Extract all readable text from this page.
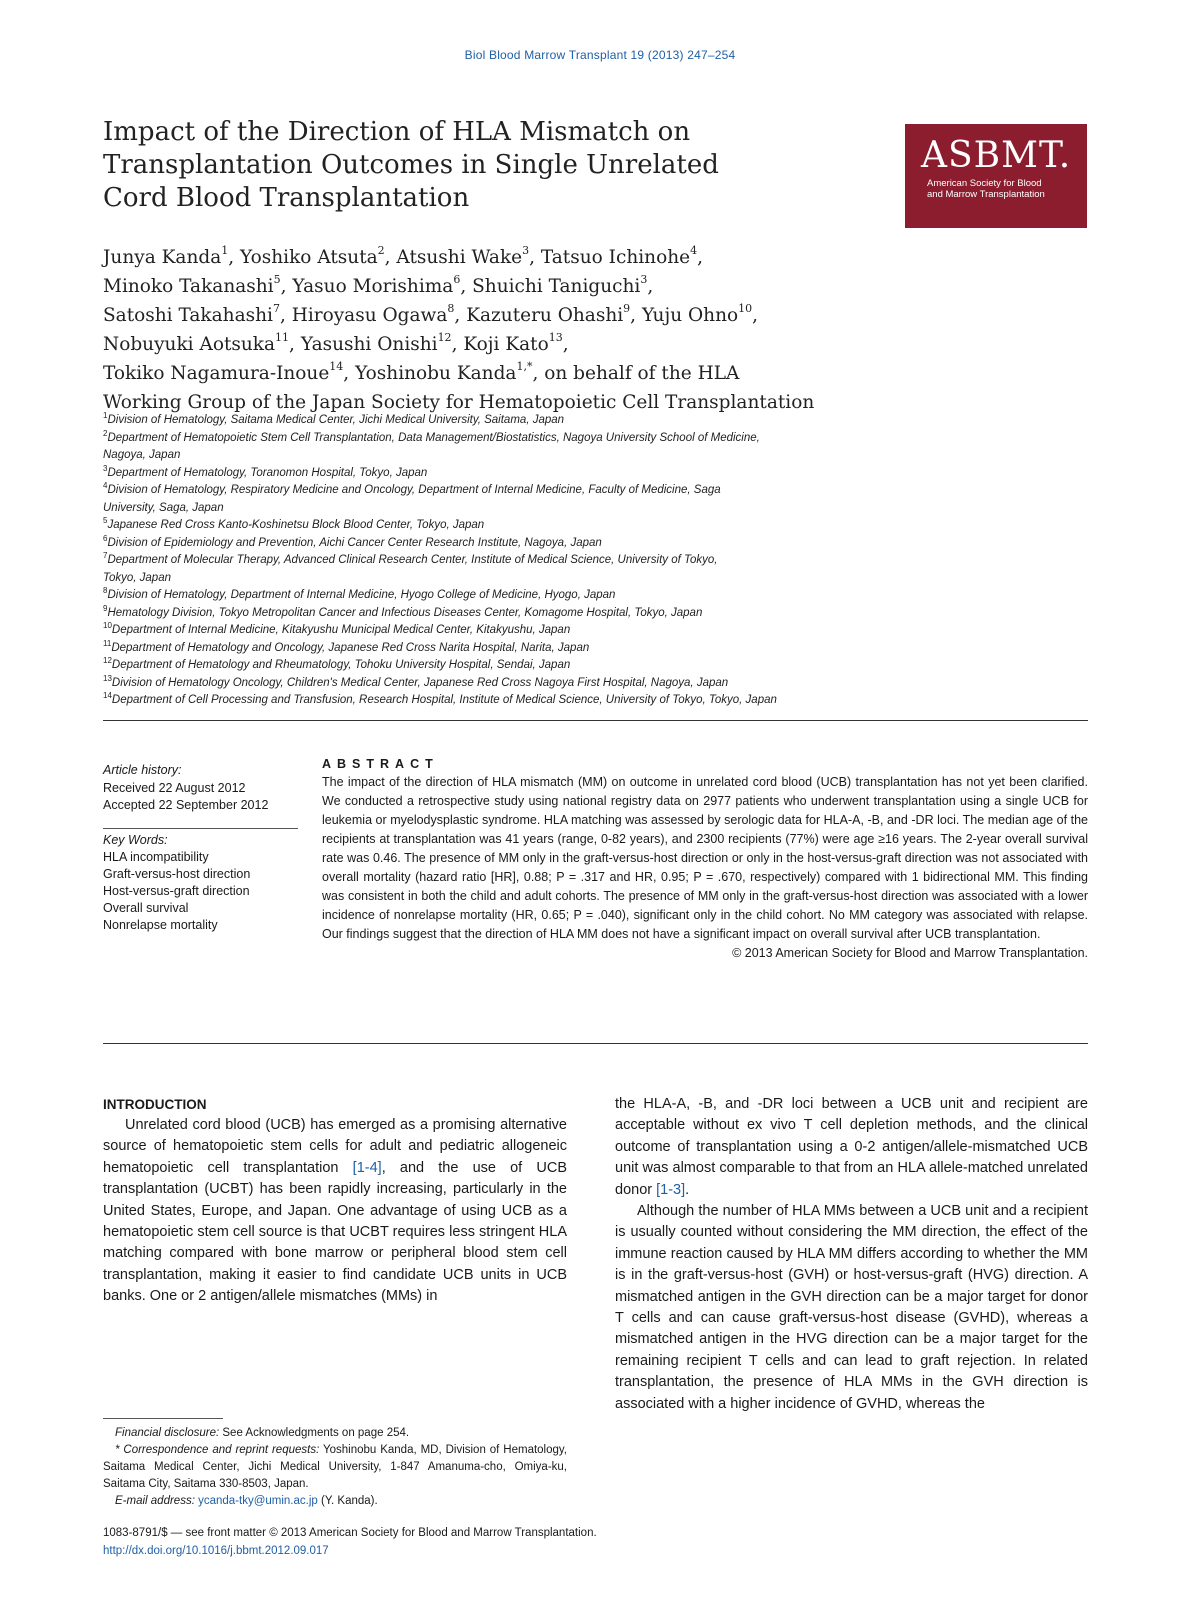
Biol Blood Marrow Transplant 19 (2013) 247–254
Impact of the Direction of HLA Mismatch on
Transplantation Outcomes in Single Unrelated
Cord Blood Transplantation
ASBMT.
American Society for Blood
and Marrow Transplantation
Junya Kanda$^1$, Yoshiko Atsuta$^2$, Atsushi Wake$^3$, Tatsuo Ichinohe$^4$,
Minoko Takanashi$^5$, Yasuo Morishima$^6$, Shuichi Taniguchi$^3$,
Satoshi Takahashi$^7$, Hiroyasu Ogawa$^8$, Kazuteru Ohashi$^9$, Yuju Ohno$^{10}$,
Nobuyuki Aotsuka$^{11}$, Yasushi Onishi$^{12}$, Koji Kato$^{13}$,
Tokiko Nagamura-Inoue$^{14}$, Yoshinobu Kanda$^{1,*}$, on behalf of the HLA
Working Group of the Japan Society for Hematopoietic Cell Transplantation
$^1$Division of Hematology, Saitama Medical Center, Jichi Medical University, Saitama, Japan
$^2$Department of Hematopoietic Stem Cell Transplantation, Data Management/Biostatistics, Nagoya University School of Medicine,
Nagoya, Japan
$^3$Department of Hematology, Toranomon Hospital, Tokyo, Japan
$^4$Division of Hematology, Respiratory Medicine and Oncology, Department of Internal Medicine, Faculty of Medicine, Saga
University, Saga, Japan
$^5$Japanese Red Cross Kanto-Koshinetsu Block Blood Center, Tokyo, Japan
$^6$Division of Epidemiology and Prevention, Aichi Cancer Center Research Institute, Nagoya, Japan
$^7$Department of Molecular Therapy, Advanced Clinical Research Center, Institute of Medical Science, University of Tokyo,
Tokyo, Japan
$^8$Division of Hematology, Department of Internal Medicine, Hyogo College of Medicine, Hyogo, Japan
$^9$Hematology Division, Tokyo Metropolitan Cancer and Infectious Diseases Center, Komagome Hospital, Tokyo, Japan
$^{10}$Department of Internal Medicine, Kitakyushu Municipal Medical Center, Kitakyushu, Japan
$^{11}$Department of Hematology and Oncology, Japanese Red Cross Narita Hospital, Narita, Japan
$^{12}$Department of Hematology and Rheumatology, Tohoku University Hospital, Sendai, Japan
$^{13}$Division of Hematology Oncology, Children's Medical Center, Japanese Red Cross Nagoya First Hospital, Nagoya, Japan
$^{14}$Department of Cell Processing and Transfusion, Research Hospital, Institute of Medical Science, University of Tokyo, Tokyo, Japan
Article history:
Received 22 August 2012
Accepted 22 September 2012
Key Words:
HLA incompatibility
Graft-versus-host direction
Host-versus-graft direction
Overall survival
Nonrelapse mortality
ABSTRACT
The impact of the direction of HLA mismatch (MM) on outcome in unrelated cord blood (UCB) transplantation has not yet been clarified. We conducted a retrospective study using national registry data on 2977 patients who underwent transplantation using a single UCB for leukemia or myelodysplastic syndrome. HLA matching was assessed by serologic data for HLA-A, -B, and -DR loci. The median age of the recipients at transplantation was 41 years (range, 0-82 years), and 2300 recipients (77%) were age ≥16 years. The 2-year overall survival rate was 0.46. The presence of MM only in the graft-versus-host direction or only in the host-versus-graft direction was not associated with overall mortality (hazard ratio [HR], 0.88; P = .317 and HR, 0.95; P = .670, respectively) compared with 1 bidirectional MM. This finding was consistent in both the child and adult cohorts. The presence of MM only in the graft-versus-host direction was associated with a lower incidence of nonrelapse mortality (HR, 0.65; P = .040), significant only in the child cohort. No MM category was associated with relapse. Our findings suggest that the direction of HLA MM does not have a significant impact on overall survival after UCB transplantation.
© 2013 American Society for Blood and Marrow Transplantation.
INTRODUCTION

Unrelated cord blood (UCB) has emerged as a promising alternative source of hematopoietic stem cells for adult and pediatric allogeneic hematopoietic cell transplantation [1-4], and the use of UCB transplantation (UCBT) has been rapidly increasing, particularly in the United States, Europe, and Japan. One advantage of using UCB as a hematopoietic stem cell source is that UCBT requires less stringent HLA matching compared with bone marrow or peripheral blood stem cell transplantation, making it easier to find candidate UCB units in UCB banks. One or 2 antigen/allele mismatches (MMs) in

the HLA-A, -B, and -DR loci between a UCB unit and recipient are acceptable without ex vivo T cell depletion methods, and the clinical outcome of transplantation using a 0-2 antigen/allele-mismatched UCB unit was almost comparable to that from an HLA allele-matched unrelated donor [1-3].

Although the number of HLA MMs between a UCB unit and a recipient is usually counted without considering the MM direction, the effect of the immune reaction caused by HLA MM differs according to whether the MM is in the graft-versus-host (GVH) or host-versus-graft (HVG) direction. A mismatched antigen in the GVH direction can be a major target for donor T cells and can cause graft-versus-host disease (GVHD), whereas a mismatched antigen in the HVG direction can be a major target for the remaining recipient T cells and can lead to graft rejection. In related transplantation, the presence of HLA MMs in the GVH direction is associated with a higher incidence of GVHD, whereas the

Financial disclosure: See Acknowledgments on page 254.
* Correspondence and reprint requests: Yoshinobu Kanda, MD, Division of Hematology, Saitama Medical Center, Jichi Medical University, 1-847 Amanuma-cho, Omiya-ku, Saitama City, Saitama 330-8503, Japan.
E-mail address: ycanda-tky@umin.ac.jp (Y. Kanda).
1083-8791/$ — see front matter © 2013 American Society for Blood and Marrow Transplantation.
http://dx.doi.org/10.1016/j.bbmt.2012.09.017
